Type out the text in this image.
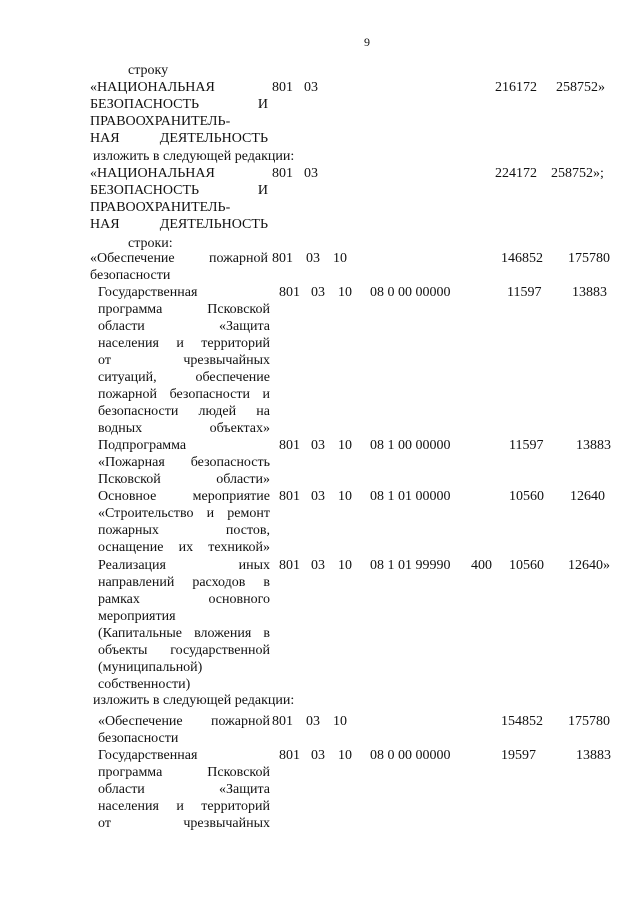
9
строку
«НАЦИОНАЛЬНАЯ
БЕЗОПАСНОСТЬ И
ПРАВООХРАНИТЕЛЬ-
НАЯ ДЕЯТЕЛЬНОСТЬ
801 03	216172 258752»
изложить в следующей редакции:
«НАЦИОНАЛЬНАЯ
БЕЗОПАСНОСТЬ И
ПРАВООХРАНИТЕЛЬ-
НАЯ ДЕЯТЕЛЬНОСТЬ
801 03	224172 258752»;
строки:
«Обеспечение пожарной
безопасности
801 03 10	146852 175780
Государственная
программа Псковской
области «Защита
населения и территорий
от чрезвычайных
ситуаций, обеспечение
пожарной безопасности и
безопасности людей на
водных объектах»
801 03 10 08 0 00 00000	11597 13883
Подпрограмма
«Пожарная безопасность
Псковской области»
801 03 10 08 1 00 00000	11597 13883
Основное мероприятие
«Строительство и ремонт
пожарных постов,
оснащение их техникой»
801 03 10 08 1 01 00000	10560 12640
Реализация иных
направлений расходов в
рамках основного
мероприятия
(Капитальные вложения в
объекты государственной
(муниципальной)
собственности)
801 03 10 08 1 01 99990 400 10560 12640»
изложить в следующей редакции:
«Обеспечение пожарной
безопасности
801 03 10	154852 175780
Государственная
программа Псковской
области «Защита
населения и территорий
от чрезвычайных
801 03 10 08 0 00 00000	19597	13883
